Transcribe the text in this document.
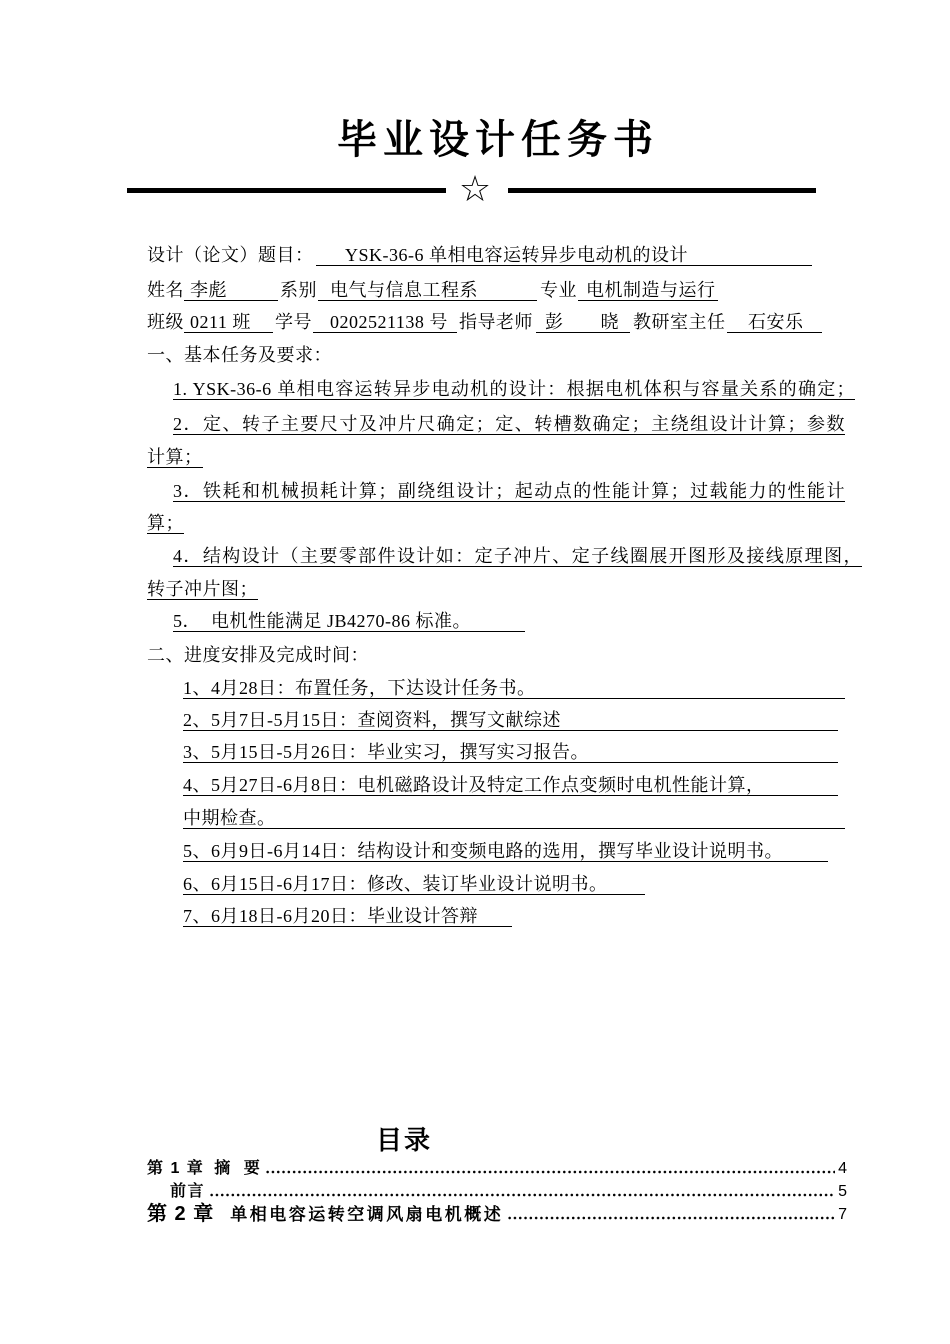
毕业设计任务书
☆
设计（论文）题目：	YSK-36-6 单相电容运转异步电动机的设计
姓名 李彪	系别 电气与信息工程系	专业 电机制造与运行
班级 0211 班	学号	0202521138 号 指导老师 彭　　晓 教研室主任	石安乐
一、基本任务及要求：
1. YSK-36-6 单相电容运转异步电动机的设计：根据电机体积与容量关系的确定；
2．定、转子主要尺寸及冲片尺确定；定、转槽数确定；主绕组设计计算；参数
计算；
3．铁耗和机械损耗计算；副绕组设计；起动点的性能计算；过载能力的性能计
算；
4．结构设计（主要零部件设计如：定子冲片、定子线圈展开图形及接线原理图，
转子冲片图；
5．  电机性能满足 JB4270-86 标准。
二、进度安排及完成时间：
1、4月28日：布置任务，下达设计任务书。
2、5月7日-5月15日：查阅资料，撰写文献综述
3、5月15日-5月26日：毕业实习，撰写实习报告。
4、5月27日-6月8日：电机磁路设计及特定工作点变频时电机性能计算，
中期检查。
5、6月9日-6月14日：结构设计和变频电路的选用，撰写毕业设计说明书。
6、6月15日-6月17日：修改、装订毕业设计说明书。
7、6月18日-6月20日：毕业设计答辩
目录
第 1 章 摘  要	4
前言	5
第 2 章 单相电容运转空调风扇电机概述	7
